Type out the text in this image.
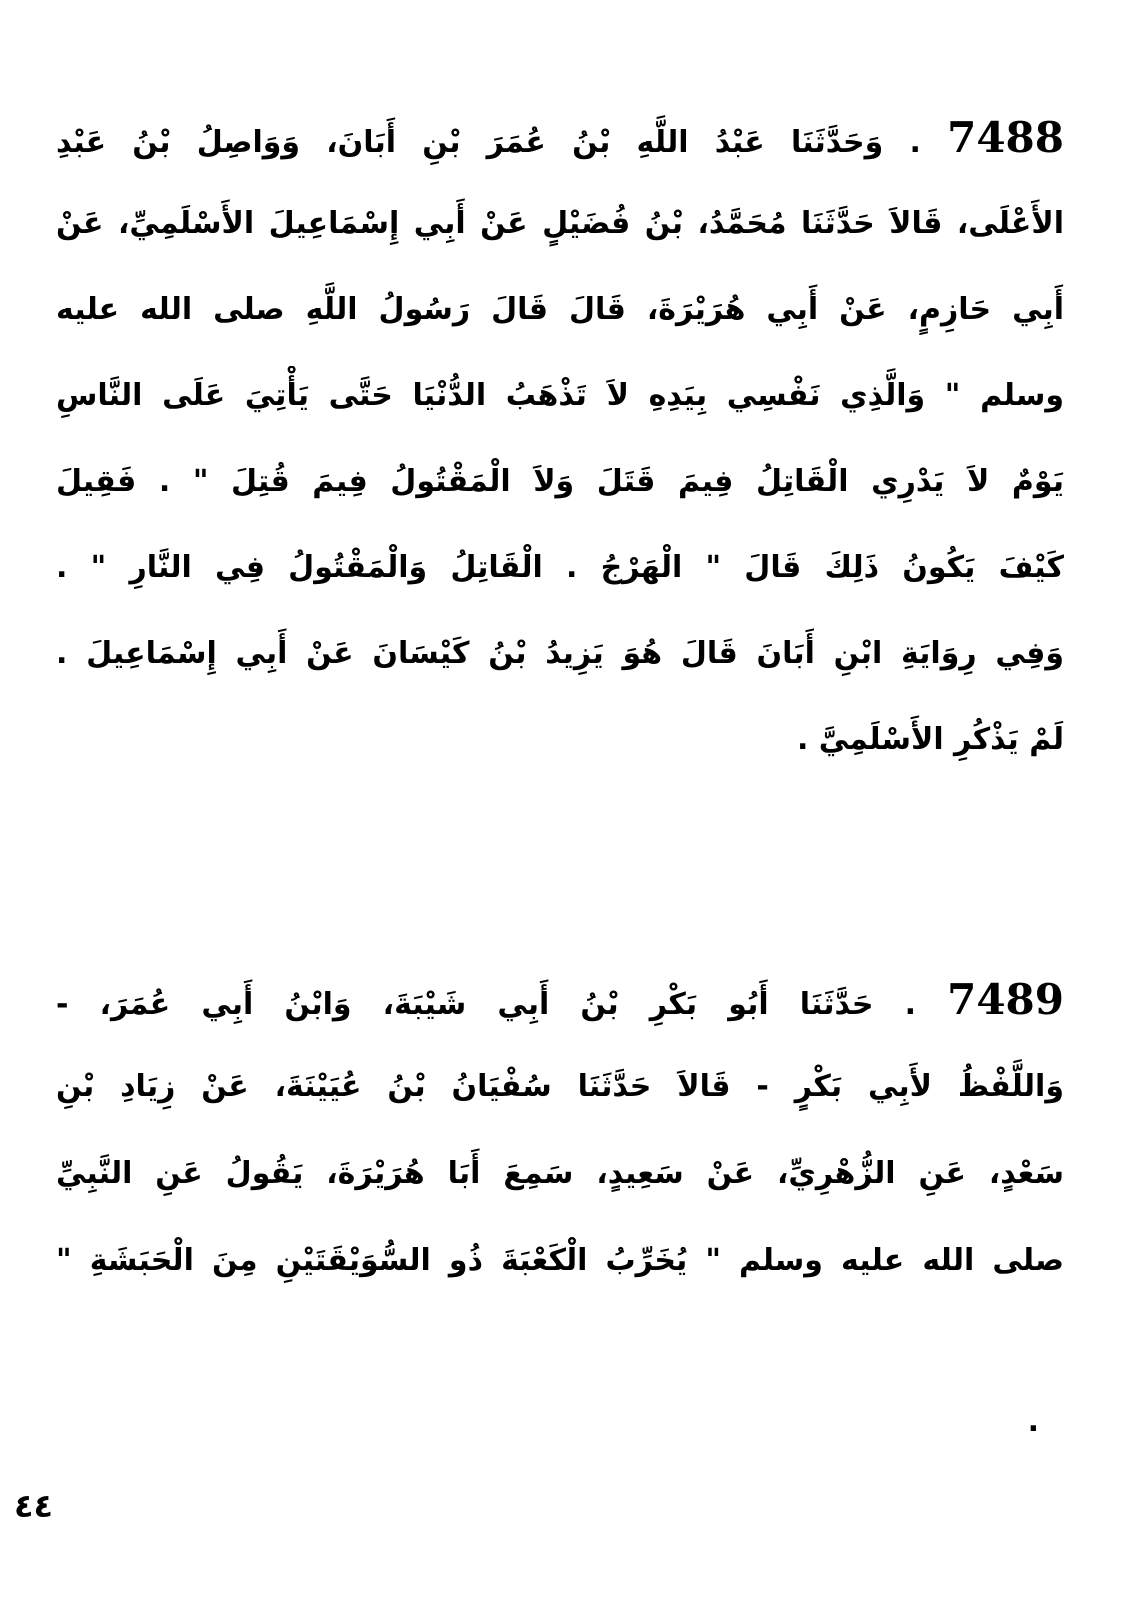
7488 . وَحَدَّثَنَا عَبْدُ اللَّهِ بْنُ عُمَرَ بْنِ أَبَانَ، وَوَاصِلُ بْنُ عَبْدِ
الأَعْلَى، قَالاَ حَدَّثَنَا مُحَمَّدُ، بْنُ فُضَيْلٍ عَنْ أَبِي إِسْمَاعِيلَ الأَسْلَمِيِّ، عَنْ
أَبِي حَازِمٍ، عَنْ أَبِي هُرَيْرَةَ، قَالَ قَالَ رَسُولُ اللَّهِ صلى الله عليه
وسلم " وَالَّذِي نَفْسِي بِيَدِهِ لاَ تَذْهَبُ الدُّنْيَا حَتَّى يَأْتِيَ عَلَى النَّاسِ
يَوْمٌ لاَ يَدْرِي الْقَاتِلُ فِيمَ قَتَلَ وَلاَ الْمَقْتُولُ فِيمَ قُتِلَ " . فَقِيلَ
كَيْفَ يَكُونُ ذَلِكَ قَالَ " الْهَرْجُ . الْقَاتِلُ وَالْمَقْتُولُ فِي النَّارِ " .
وَفِي رِوَايَةِ ابْنِ أَبَانَ قَالَ هُوَ يَزِيدُ بْنُ كَيْسَانَ عَنْ أَبِي إِسْمَاعِيلَ .
لَمْ يَذْكُرِ الأَسْلَمِيَّ .
7489 . حَدَّثَنَا أَبُو بَكْرِ بْنُ أَبِي شَيْبَةَ، وَابْنُ أَبِي عُمَرَ، -
وَاللَّفْظُ لأَبِي بَكْرٍ - قَالاَ حَدَّثَنَا سُفْيَانُ بْنُ عُيَيْنَةَ، عَنْ زِيَادِ بْنِ
سَعْدٍ، عَنِ الزُّهْرِيِّ، عَنْ سَعِيدٍ، سَمِعَ أَبَا هُرَيْرَةَ، يَقُولُ عَنِ النَّبِيِّ
صلى الله عليه وسلم " يُخَرِّبُ الْكَعْبَةَ ذُو السُّوَيْقَتَيْنِ مِنَ الْحَبَشَةِ "
.
٤٤
